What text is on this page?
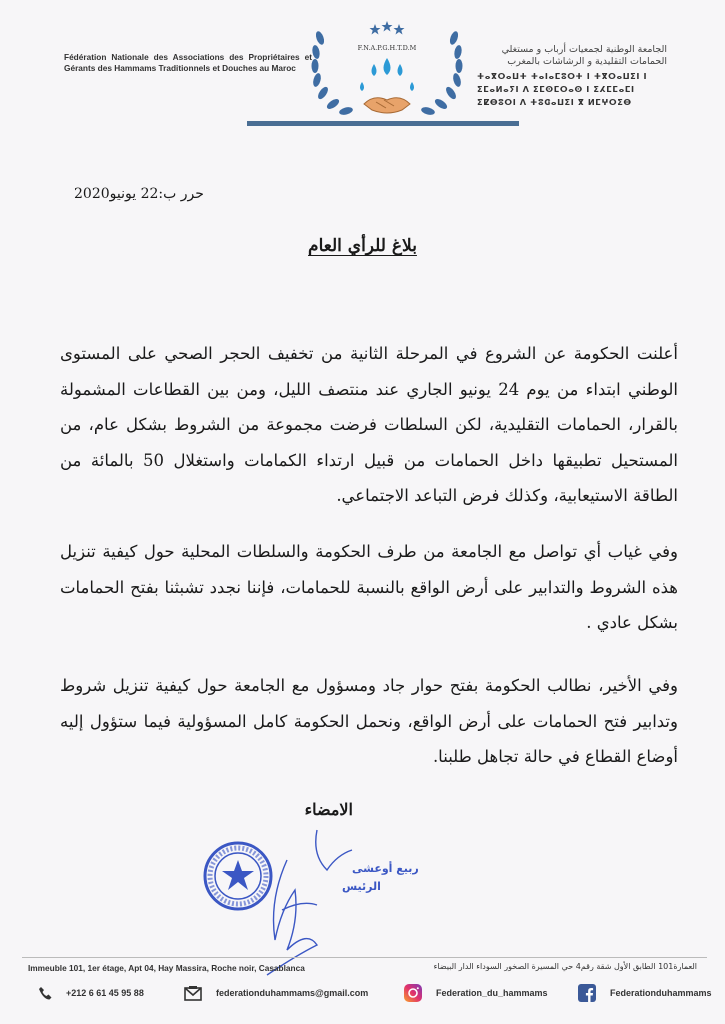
Fédération Nationale des Associations des Propriétaires et Gérants des Hammams Traditionnels et Douches au Maroc
F.N.A.P.G.H.T.D.M	الجامعة الوطنية لجمعيات أرباب و مستغلي الحمامات التقليدية و الرشاشات بالمغرب
ⵜⴰⴳⵔⴰⵡⵜ ⵜⴰⵏⴰⵎⵓⵔⵜ ⵏ ⵜⴳⵔⴰⵡⵉⵏ ⵏ ⵉⵎⴰⵍⴰⵢⵏ ⴷ ⵉⵎⵙⵎⵔⴰⵙ ⵏ ⵉⵃⵎⵎⴰⵎⵏ ⵉⵇⴱⵓⵔⵏ ⴷ ⵜⵓⵛⴰⵡⵉⵏ ⴳ ⵍⵎⵖⵔⵉⴱ
حرر ب:22 يونيو2020
بلاغ للرأي العام
أعلنت الحكومة عن الشروع في المرحلة الثانية من تخفيف الحجر الصحي على المستوى الوطني ابتداء من يوم 24 يونيو الجاري عند منتصف الليل، ومن بين القطاعات المشمولة بالقرار، الحمامات التقليدية، لكن السلطات فرضت مجموعة من الشروط بشكل عام، من المستحيل تطبيقها داخل الحمامات من قبيل ارتداء الكمامات واستغلال 50 بالمائة من الطاقة الاستيعابية، وكذلك فرض التباعد الاجتماعي.
وفي غياب أي تواصل مع الجامعة من طرف الحكومة والسلطات المحلية حول كيفية تنزيل هذه الشروط والتدابير على أرض الواقع بالنسبة للحمامات، فإننا نجدد تشبثنا بفتح الحمامات بشكل عادي .
وفي الأخير، نطالب الحكومة بفتح حوار جاد ومسؤول مع الجامعة حول كيفية تنزيل شروط وتدابير فتح الحمامات على أرض الواقع، ونحمل الحكومة كامل المسؤولية فيما ستؤول إليه أوضاع القطاع في حالة تجاهل طلبنا.
الامضاء
ربيع أوعشى
الرئيس
Immeuble 101, 1er étage, Apt 04, Hay Massira, Roche noir, Casablanca	العمارة101 الطابق الأول شقة رقم4 حي المسيرة الصخور السوداء الدار البيضاء
+212 6 61 45 95 88	federationduhammams@gmail.com	Federation_du_hammams	Federationduhammams
